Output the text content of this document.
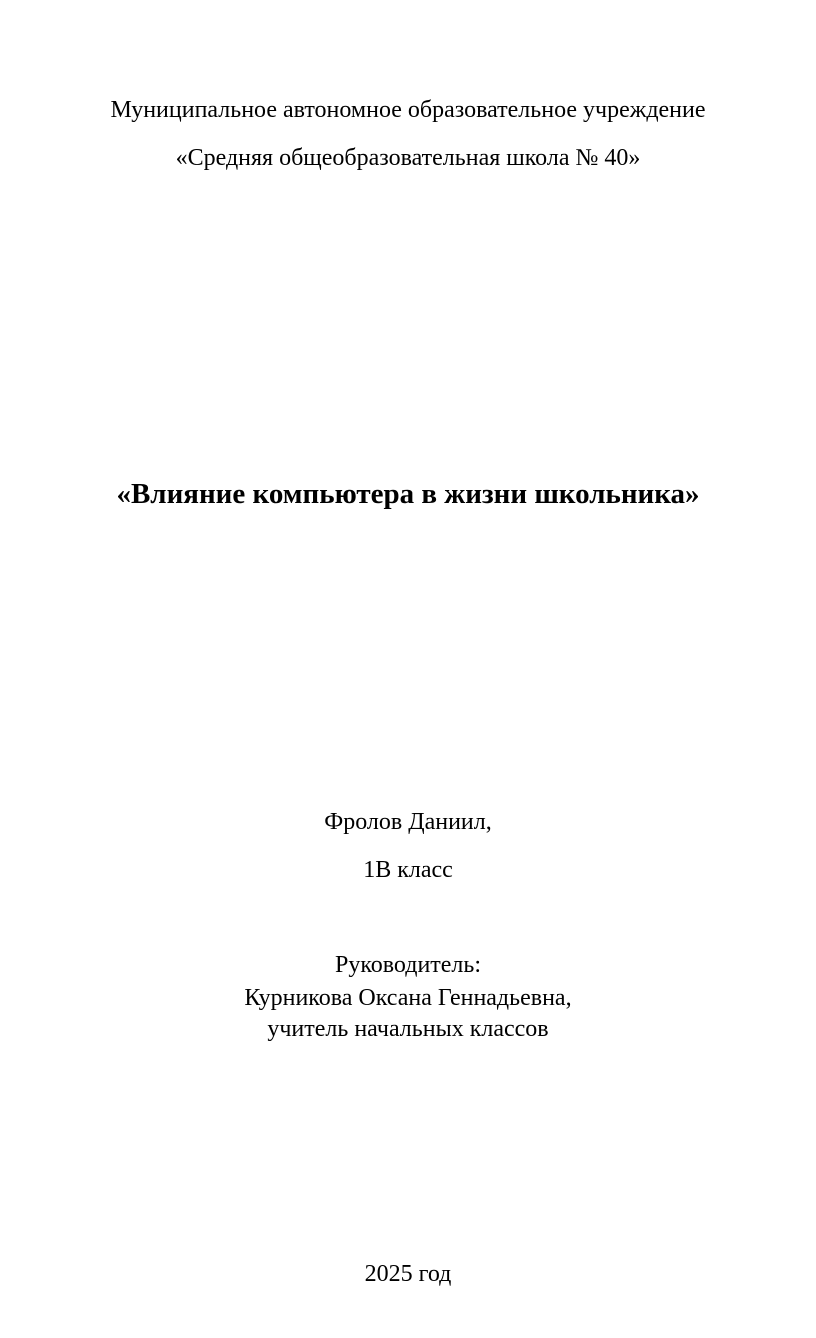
Муниципальное автономное образовательное учреждение
«Средняя общеобразовательная школа № 40»
«Влияние компьютера в жизни школьника»
Фролов Даниил,
1В класс
Руководитель:
Курникова Оксана Геннадьевна,
учитель начальных классов
2025 год
